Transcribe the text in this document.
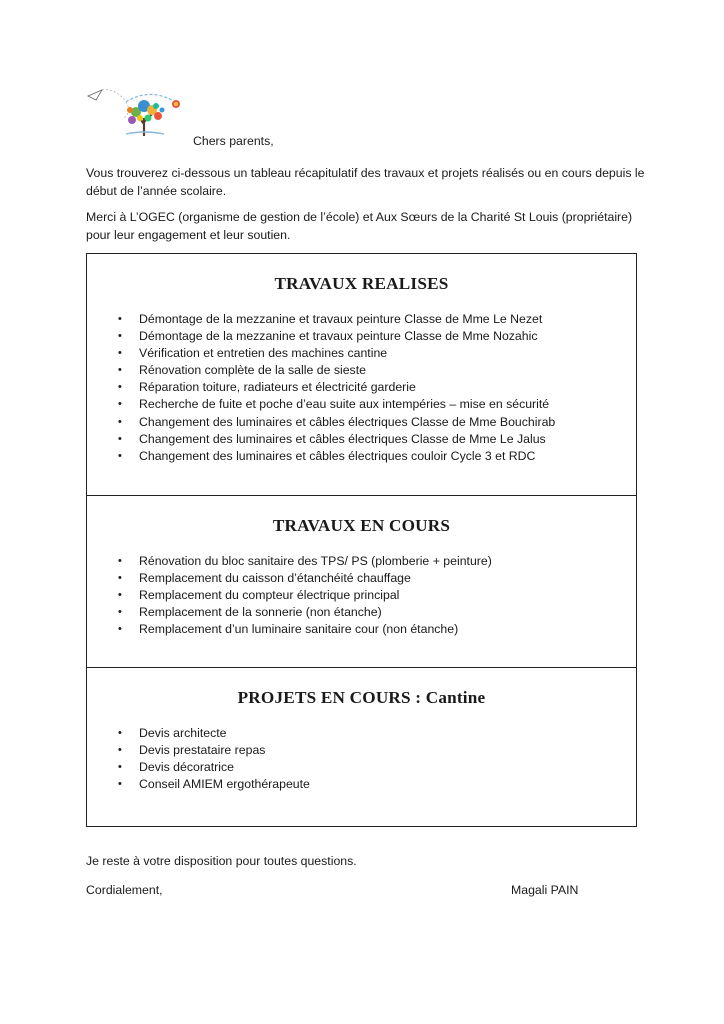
Chers parents,
Vous trouverez ci-dessous un tableau récapitulatif des travaux et projets réalisés ou en cours depuis le début de l’année scolaire.
Merci à L’OGEC (organisme de gestion de l’école) et Aux Sœurs de la Charité St Louis (propriétaire) pour leur engagement et leur soutien.
TRAVAUX REALISES
• Démontage de la mezzanine et travaux peinture Classe de Mme Le Nezet
• Démontage de la mezzanine et travaux peinture Classe de Mme Nozahic
• Vérification et entretien des machines cantine
• Rénovation complète de la salle de sieste
• Réparation toiture, radiateurs et électricité garderie
• Recherche de fuite et poche d’eau suite aux intempéries – mise en sécurité
• Changement des luminaires et câbles électriques Classe de Mme Bouchirab
• Changement des luminaires et câbles électriques Classe de Mme Le Jalus
• Changement des luminaires et câbles électriques couloir Cycle 3 et RDC
TRAVAUX EN COURS
• Rénovation du bloc sanitaire des TPS/ PS (plomberie + peinture)
• Remplacement du caisson d’étanchéité chauffage
• Remplacement du compteur électrique principal
• Remplacement de la sonnerie (non étanche)
• Remplacement d’un luminaire sanitaire cour (non étanche)
PROJETS EN COURS : Cantine
• Devis architecte
• Devis prestataire repas
• Devis décoratrice
• Conseil AMIEM ergothérapeute
Je reste à votre disposition pour toutes questions.
Cordialement,	Magali PAIN
